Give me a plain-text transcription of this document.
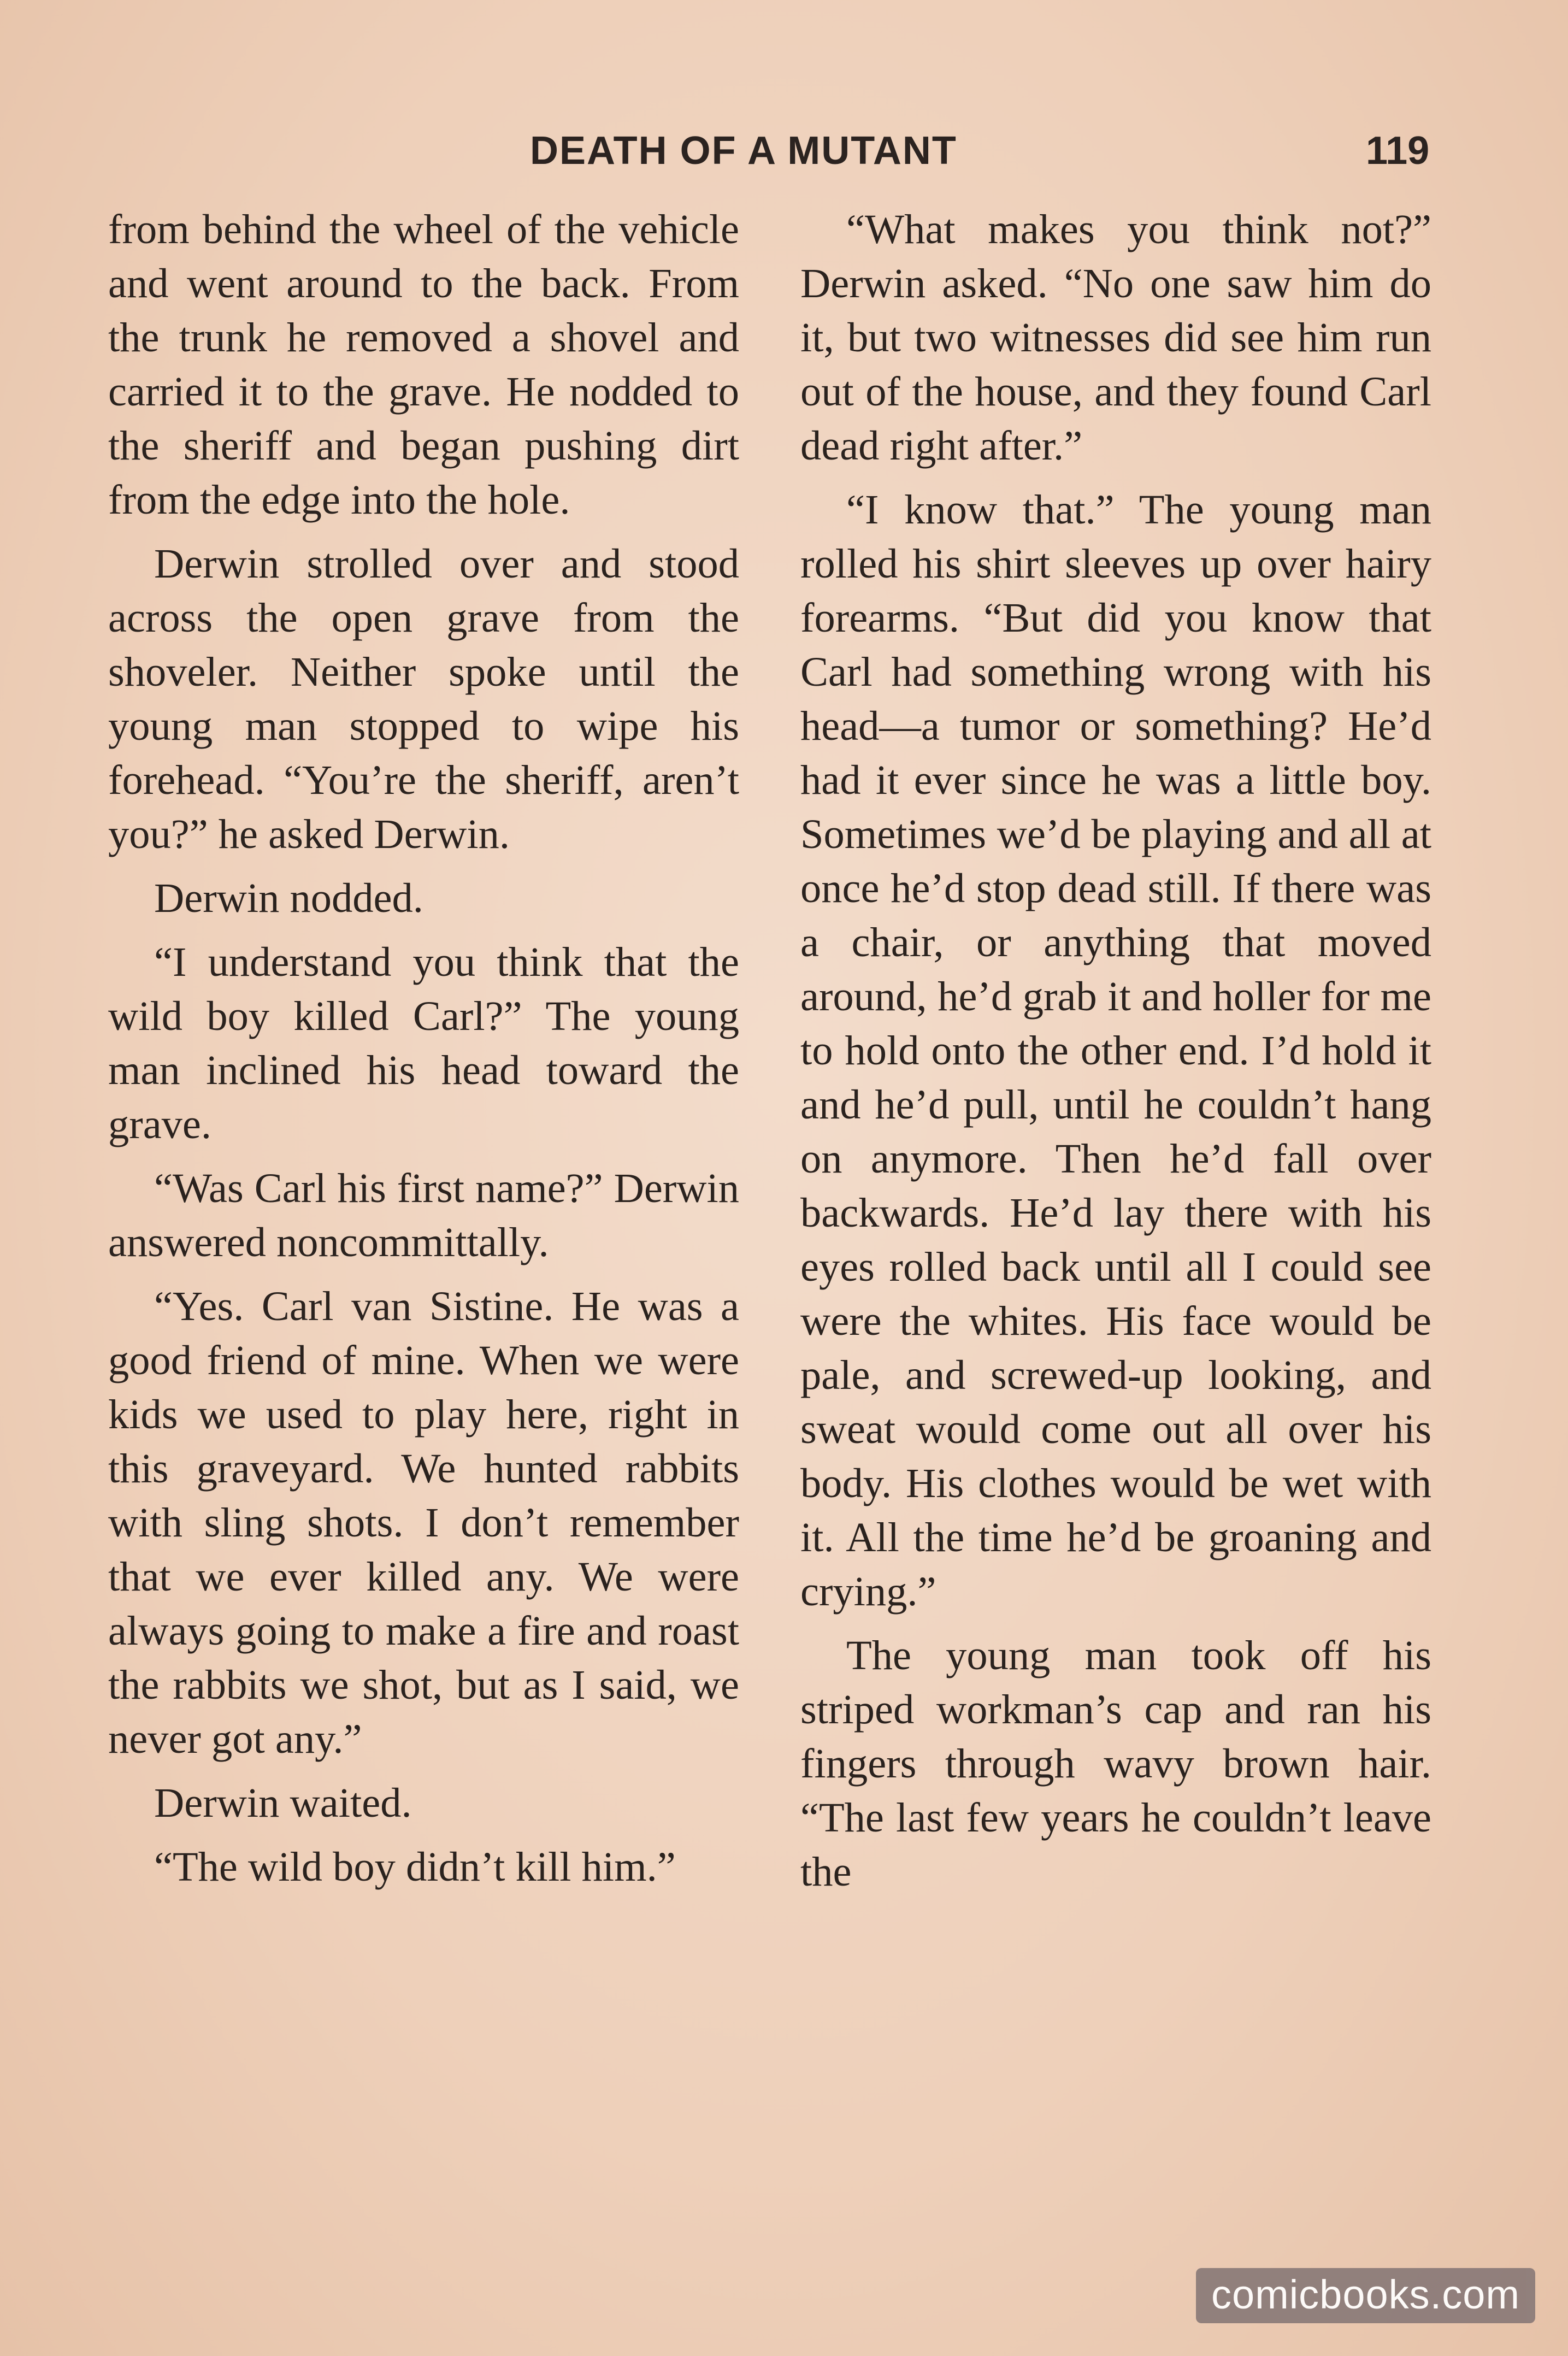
DEATH OF A MUTANT	119

from behind the wheel of the vehicle and went around to the back. From the trunk he removed a shovel and carried it to the grave. He nodded to the sheriff and began pushing dirt from the edge into the hole.

Derwin strolled over and stood across the open grave from the shoveler. Neither spoke until the young man stopped to wipe his forehead. “You’re the sheriff, aren’t you?” he asked Derwin.

Derwin nodded.

“I understand you think that the wild boy killed Carl?” The young man inclined his head toward the grave.

“Was Carl his first name?” Derwin answered noncommittally.

“Yes. Carl van Sistine. He was a good friend of mine. When we were kids we used to play here, right in this graveyard. We hunted rabbits with sling shots. I don’t remember that we ever killed any. We were always going to make a fire and roast the rabbits we shot, but as I said, we never got any.”

Derwin waited.

“The wild boy didn’t kill him.”

“What makes you think not?” Derwin asked. “No one saw him do it, but two witnesses did see him run out of the house, and they found Carl dead right after.”

“I know that.” The young man rolled his shirt sleeves up over hairy forearms. “But did you know that Carl had something wrong with his head—a tumor or something? He’d had it ever since he was a little boy. Sometimes we’d be playing and all at once he’d stop dead still. If there was a chair, or anything that moved around, he’d grab it and holler for me to hold onto the other end. I’d hold it and he’d pull, until he couldn’t hang on anymore. Then he’d fall over backwards. He’d lay there with his eyes rolled back until all I could see were the whites. His face would be pale, and screwed-up looking, and sweat would come out all over his body. His clothes would be wet with it. All the time he’d be groaning and crying.”

The young man took off his striped workman’s cap and ran his fingers through wavy brown hair. “The last few years he couldn’t leave the

comicbooks.com
